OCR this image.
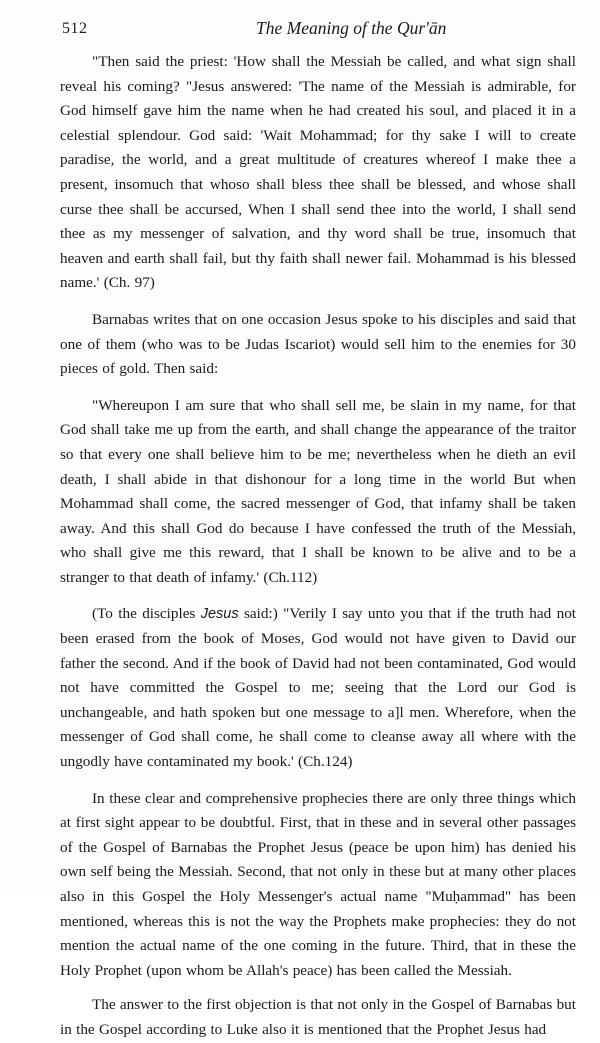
512	The Meaning of the Qur'ān

"Then said the priest: 'How shall the Messiah be called, and what sign shall reveal his coming? "Jesus answered: 'The name of the Messiah is admirable, for God himself gave him the name when he had created his soul, and placed it in a celestial splendour. God said: 'Wait Mohammad; for thy sake I will to create paradise, the world, and a great multitude of creatures whereof I make thee a present, insomuch that whoso shall bless thee shall be blessed, and whose shall curse thee shall be accursed, When I shall send thee into the world, I shall send thee as my messenger of salvation, and thy word shall be true, insomuch that heaven and earth shall fail, but thy faith shall newer fail. Mohammad is his blessed name.' (Ch. 97)

Barnabas writes that on one occasion Jesus spoke to his disciples and said that one of them (who was to be Judas Iscariot) would sell him to the enemies for 30 pieces of gold. Then said:

"Whereupon I am sure that who shall sell me, be slain in my name, for that God shall take me up from the earth, and shall change the appearance of the traitor so that every one shall believe him to be me; nevertheless when he dieth an evil death, I shall abide in that dishonour for a long time in the world But when Mohammad shall come, the sacred messenger of God, that infamy shall be taken away. And this shall God do because I have confessed the truth of the Messiah, who shall give me this reward, that I shall be known to be alive and to be a stranger to that death of infamy.' (Ch.112)

(To the disciples Jesus said:) "Verily I say unto you that if the truth had not been erased from the book of Moses, God would not have given to David our father the second. And if the book of David had not been contaminated, God would not have committed the Gospel to me; seeing that the Lord our God is unchangeable, and hath spoken but one message to a]l men. Wherefore, when the messenger of God shall come, he shall come to cleanse away all where with the ungodly have contaminated my book.' (Ch.124)

In these clear and comprehensive prophecies there are only three things which at first sight appear to be doubtful. First, that in these and in several other passages of the Gospel of Barnabas the Prophet Jesus (peace be upon him) has denied his own self being the Messiah. Second, that not only in these but at many other places also in this Gospel the Holy Messenger's actual name "Muḥammad" has been mentioned, whereas this is not the way the Prophets make prophecies: they do not mention the actual name of the one coming in the future. Third, that in these the Holy Prophet (upon whom be Allah's peace) has been called the Messiah.

The answer to the first objection is that not only in the Gospel of Barnabas but in the Gospel according to Luke also it is mentioned that the Prophet Jesus had
